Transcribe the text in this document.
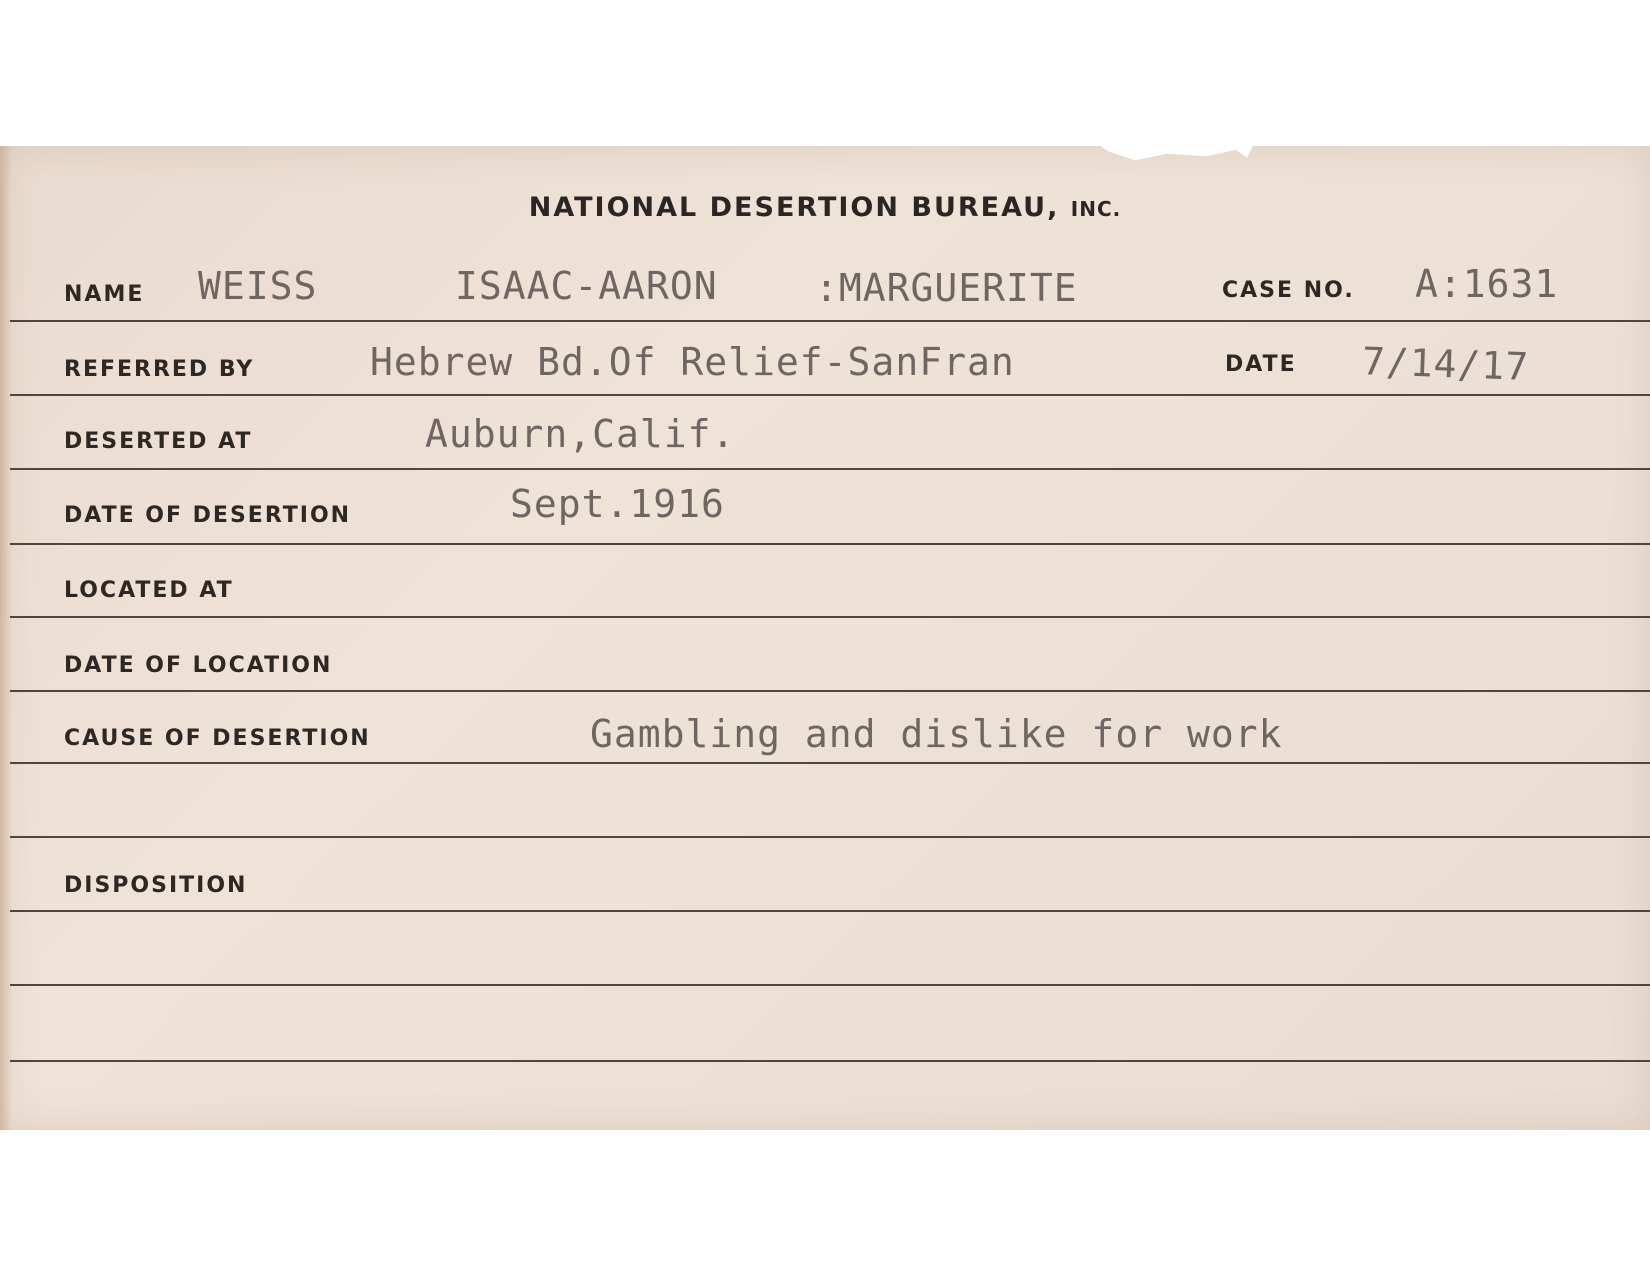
NATIONAL DESERTION BUREAU, INC.
NAME WEISS	ISAAC-AARON	:MARGUERITE	CASE NO. A:1631
REFERRED BY	Hebrew Bd.Of Relief-SanFran	DATE 7/14/17
DESERTED AT	Auburn,Calif.
DATE OF DESERTION	Sept.1916
LOCATED AT
DATE OF LOCATION
CAUSE OF DESERTION	Gambling and dislike for work
DISPOSITION
